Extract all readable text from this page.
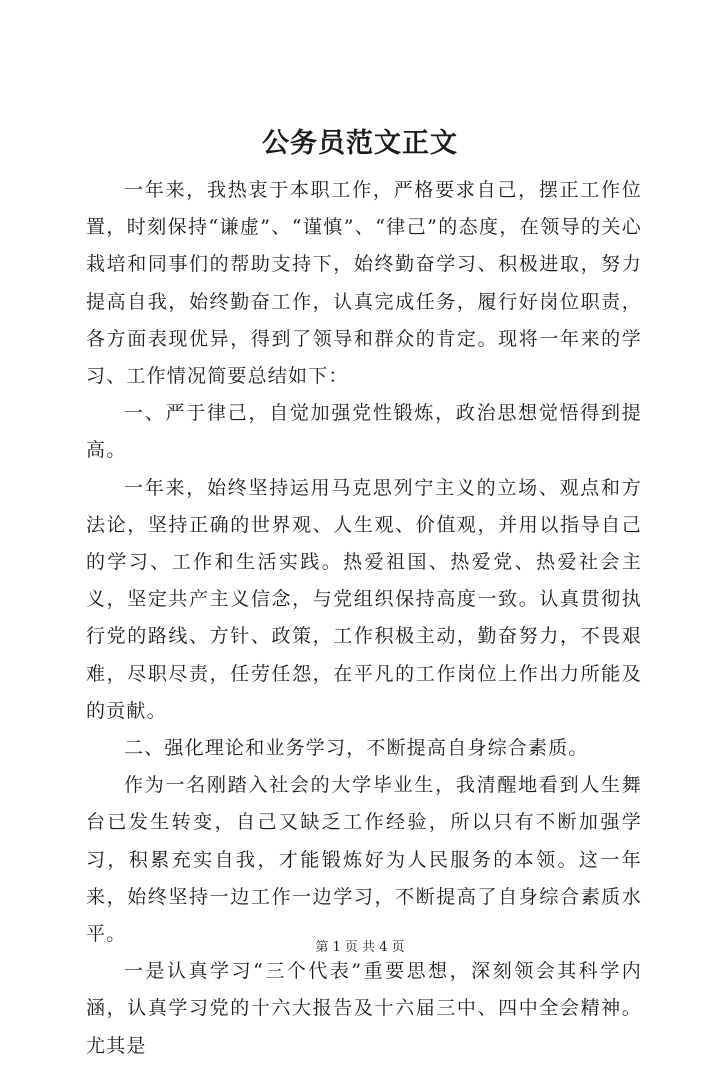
公务员范文正文

一年来，我热衷于本职工作，严格要求自己，摆正工作位置，时刻保持“谦虚”、“谨慎”、“律己”的态度，在领导的关心栽培和同事们的帮助支持下，始终勤奋学习、积极进取，努力提高自我，始终勤奋工作，认真完成任务，履行好岗位职责，各方面表现优异，得到了领导和群众的肯定。现将一年来的学习、工作情况简要总结如下：

一、严于律己，自觉加强党性锻炼，政治思想觉悟得到提高。

一年来，始终坚持运用马克思列宁主义的立场、观点和方法论，坚持正确的世界观、人生观、价值观，并用以指导自己的学习、工作和生活实践。热爱祖国、热爱党、热爱社会主义，坚定共产主义信念，与党组织保持高度一致。认真贯彻执行党的路线、方针、政策，工作积极主动，勤奋努力，不畏艰难，尽职尽责，任劳任怨，在平凡的工作岗位上作出力所能及的贡献。

二、强化理论和业务学习，不断提高自身综合素质。

作为一名刚踏入社会的大学毕业生，我清醒地看到人生舞台已发生转变，自己又缺乏工作经验，所以只有不断加强学习，积累充实自我，才能锻炼好为人民服务的本领。这一年来，始终坚持一边工作一边学习，不断提高了自身综合素质水平。

一是认真学习“三个代表”重要思想，深刻领会其科学内涵，认真学习党的十六大报告及十六届三中、四中全会精神。尤其是

第 1 页 共 4 页
